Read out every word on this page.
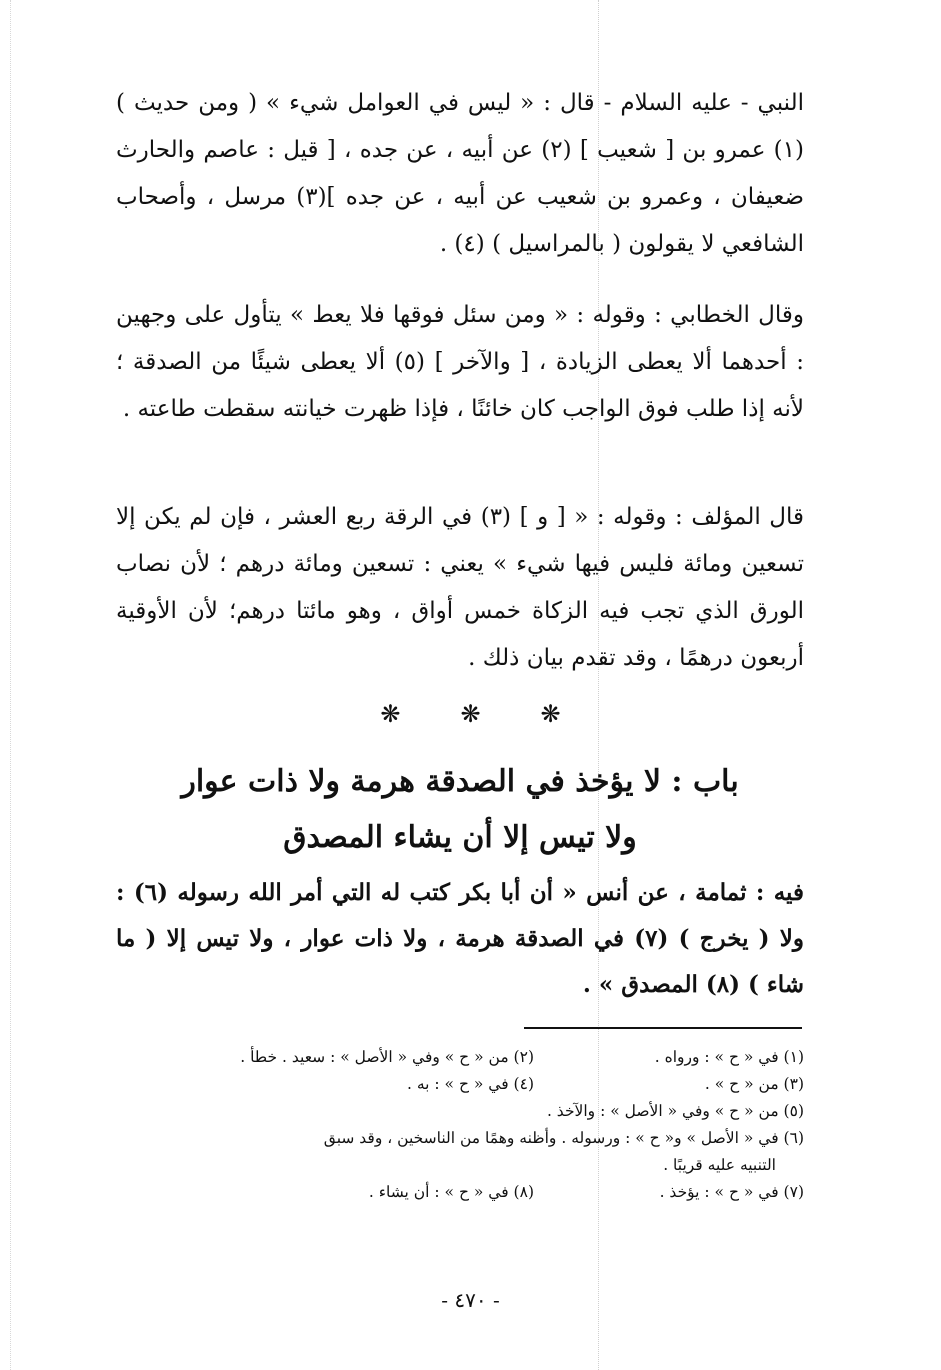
النبي - عليه السلام - قال : « ليس في العوامل شيء » ( ومن حديث ) (١) عمرو بن [ شعيب ] (٢) عن أبيه ، عن جده ، [ قيل : عاصم والحارث ضعيفان ، وعمرو بن شعيب عن أبيه ، عن جده ](٣) مرسل ، وأصحاب الشافعي لا يقولون ( بالمراسيل ) (٤) .

وقال الخطابي : وقوله : « ومن سئل فوقها فلا يعط » يتأول على وجهين : أحدهما ألا يعطى الزيادة ، [ والآخر ] (٥) ألا يعطى شيئًا من الصدقة ؛ لأنه إذا طلب فوق الواجب كان خائنًا ، فإذا ظهرت خيانته سقطت طاعته .

قال المؤلف : وقوله : « [ و ] (٣) في الرقة ربع العشر ، فإن لم يكن إلا تسعين ومائة فليس فيها شيء » يعني : تسعين ومائة درهم ؛ لأن نصاب الورق الذي تجب فيه الزكاة خمس أواق ، وهو مائتا درهم؛ لأن الأوقية أربعون درهمًا ، وقد تقدم بيان ذلك .

❋❋❋

باب : لا يؤخذ في الصدقة هرمة ولا ذات عوار
ولا تيس إلا أن يشاء المصدق

فيه : ثمامة ، عن أنس « أن أبا بكر كتب له التي أمر الله رسوله (٦) : ولا ( يخرج ) (٧) في الصدقة هرمة ، ولا ذات عوار ، ولا تيس إلا ( ما شاء ) (٨) المصدق » .

(١) في « ح » : ورواه .
(٢) من « ح » وفي « الأصل » : سعيد . خطأ .
(٣) من « ح » .
(٤) في « ح » : به .
(٥) من « ح » وفي « الأصل » : والآخذ .
(٦) في « الأصل » و« ح » : ورسوله . وأظنه وهمًا من الناسخين ، وقد سبق
التنبيه عليه قريبًا .
(٧) في « ح » : يؤخذ .
(٨) في « ح » : أن يشاء .

- ٤٧٠ -
